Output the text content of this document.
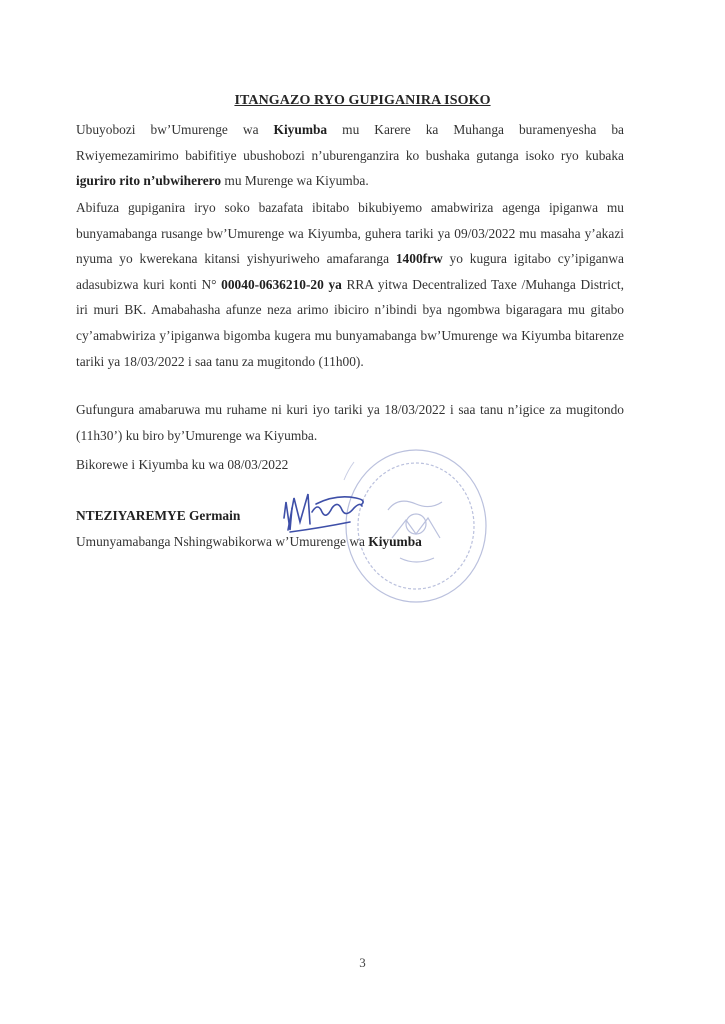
ITANGAZO RYO GUPIGANIRA ISOKO
Ubuyobozi bw’Umurenge wa Kiyumba mu Karere ka Muhanga buramenyesha ba Rwiyemezamirimo babifitiye ubushobozi n’uburenganzira ko bushaka gutanga isoko ryo kubaka iguriro rito n’ubwiherero mu Murenge wa Kiyumba.
Abifuza gupiganira iryo soko bazafata ibitabo bikubiyemo amabwiriza agenga ipiganwa mu bunyamabanga rusange bw’Umurenge wa Kiyumba, guhera tariki ya 09/03/2022 mu masaha y’akazi nyuma yo kwerekana kitansi yishyuriweho amafaranga 1400frw yo kugura igitabo cy’ipiganwa adasubizwa kuri konti N° 00040-0636210-20 ya RRA yitwa Decentralized Taxe /Muhanga District, iri muri BK. Amabahasha afunze neza arimo ibiciro n’ibindi bya ngombwa bigaragara mu gitabo cy’amabwiriza y’ipiganwa bigomba kugera mu bunyamabanga bw’Umurenge wa Kiyumba bitarenze tariki ya 18/03/2022 i saa tanu za mugitondo (11h00).
Gufungura amabaruwa mu ruhame ni kuri iyo tariki ya 18/03/2022 i saa tanu n’igice za mugitondo (11h30’) ku biro by’Umurenge wa Kiyumba.
Bikorewe i Kiyumba ku wa 08/03/2022
NTEZIYAREMYE Germain
Umunyamabanga Nshingwabikorwa w’Umurenge wa Kiyumba
3
